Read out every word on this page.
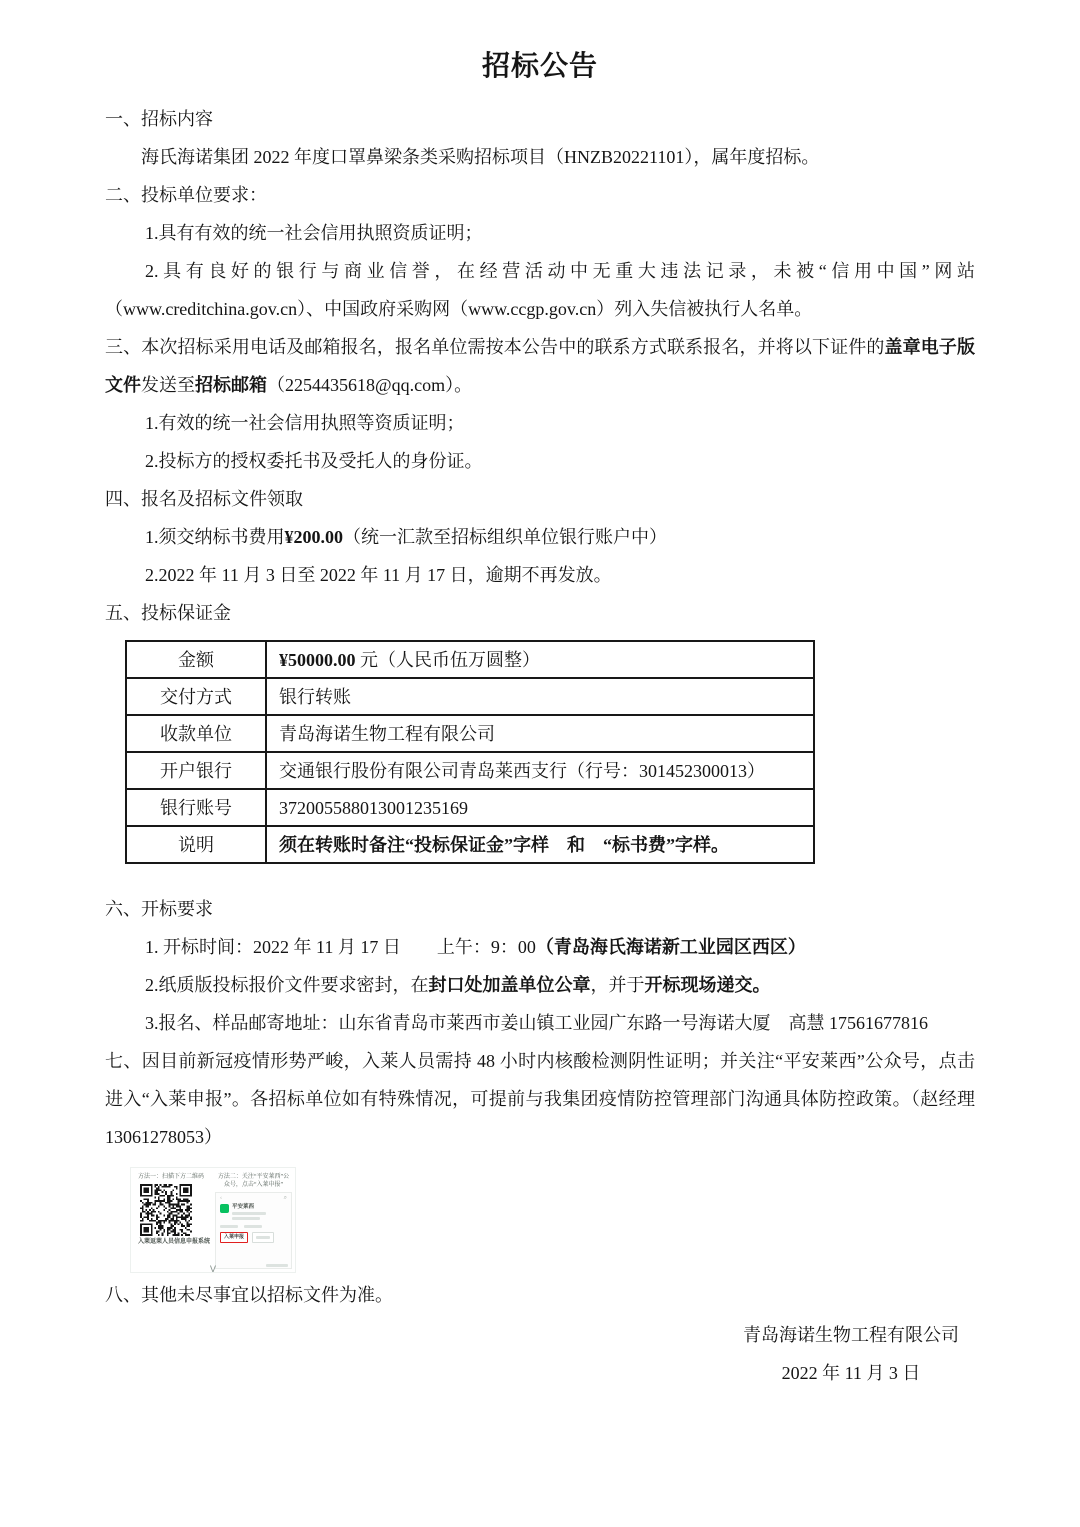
招标公告

一、招标内容

海氏海诺集团 2022 年度口罩鼻梁条类采购招标项目（HNZB20221101），属年度招标。

二、投标单位要求：

1.具有有效的统一社会信用执照资质证明；

2.具有良好的银行与商业信誉，在经营活动中无重大违法记录，未被“信用中国”网站（www.creditchina.gov.cn）、中国政府采购网（www.ccgp.gov.cn）列入失信被执行人名单。

三、本次招标采用电话及邮箱报名，报名单位需按本公告中的联系方式联系报名，并将以下证件的盖章电子版文件发送至招标邮箱（2254435618@qq.com）。

1.有效的统一社会信用执照等资质证明；

2.投标方的授权委托书及受托人的身份证。

四、报名及招标文件领取

1.须交纳标书费用¥200.00（统一汇款至招标组织单位银行账户中）

2.2022 年 11 月 3 日至 2022 年 11 月 17 日，逾期不再发放。

五、投标保证金

金额	¥50000.00 元（人民币伍万圆整）
交付方式	银行转账
收款单位	青岛海诺生物工程有限公司
开户银行	交通银行股份有限公司青岛莱西支行（行号：301452300013）
银行账号	372005588013001235169
说明	须在转账时备注“投标保证金”字样　和　“标书费”字样。

六、开标要求

1. 开标时间：2022 年 11 月 17 日　　上午：9：00（青岛海氏海诺新工业园区西区）

2.纸质版投标报价文件要求密封，在封口处加盖单位公章，并于开标现场递交。

3.报名、样品邮寄地址：山东省青岛市莱西市姜山镇工业园广东路一号海诺大厦　高慧 17561677816

七、因目前新冠疫情形势严峻，入莱人员需持 48 小时内核酸检测阴性证明；并关注“平安莱西”公众号，点击进入“入莱申报”。各招标单位如有特殊情况，可提前与我集团疫情防控管理部门沟通具体防控政策。（赵经理 13061278053）

方法一：扫描下方二维码
入莱返莱人员信息申报系统
方法二：关注“平安莱西”公众号，点击“入莱申报”
‹	⌕
平安莱西
入莱申报
ᐯ

八、其他未尽事宜以招标文件为准。

青岛海诺生物工程有限公司
2022 年 11 月 3 日
